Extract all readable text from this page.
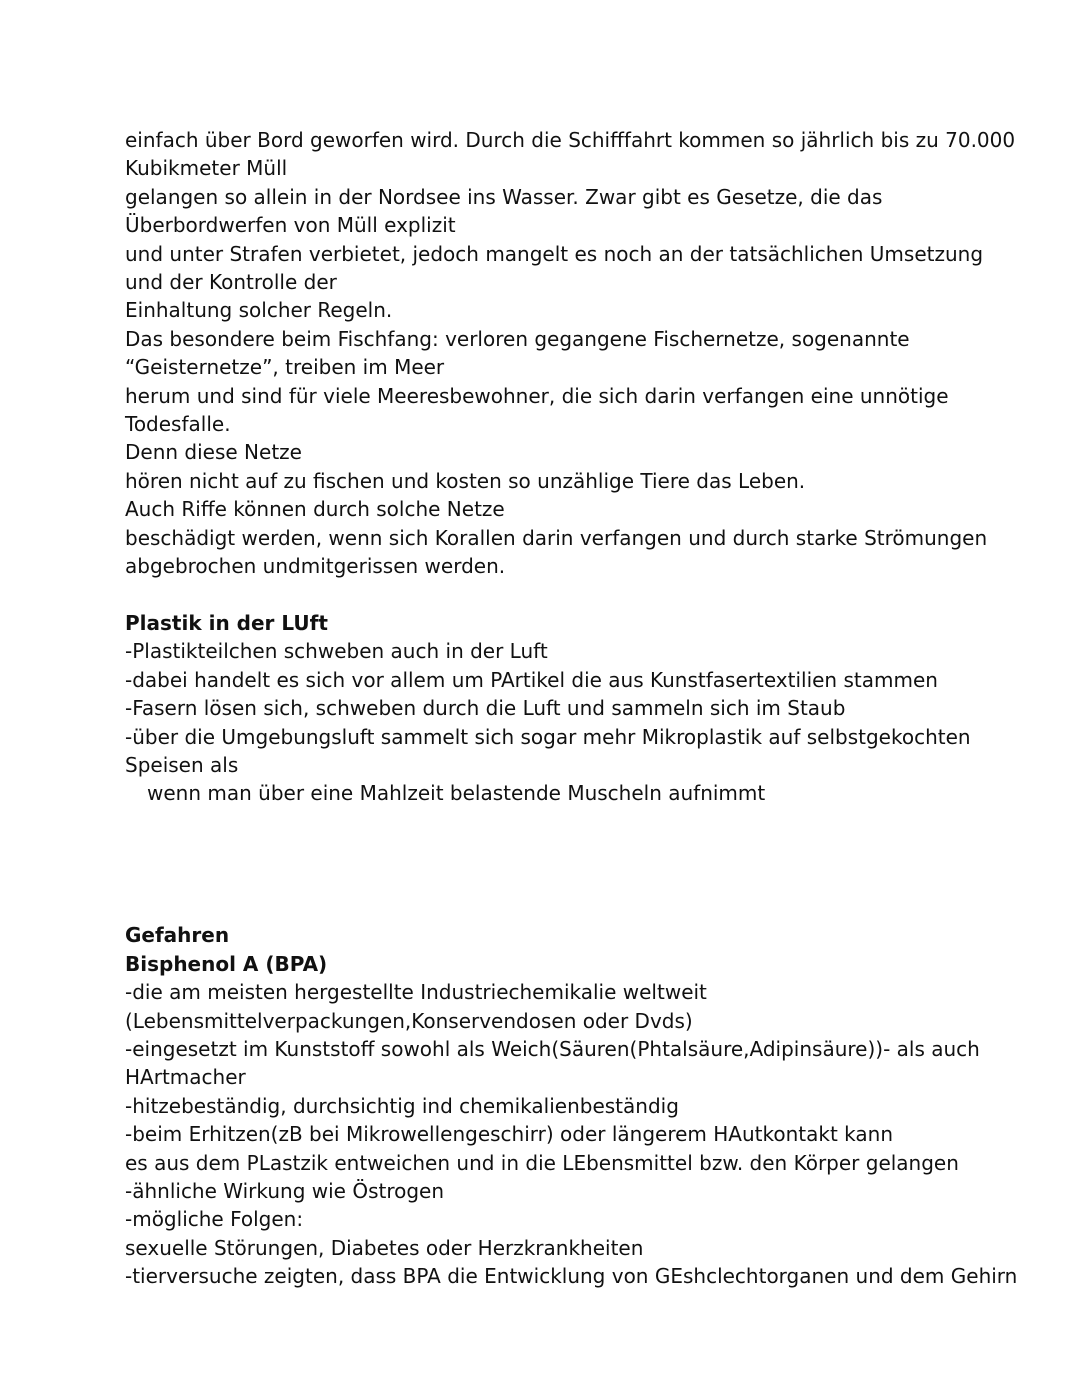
einfach über Bord geworfen wird. Durch die Schifffahrt kommen so jährlich bis zu 70.000
Kubikmeter Müll
gelangen so allein in der Nordsee ins Wasser. Zwar gibt es Gesetze, die das
Überbordwerfen von Müll explizit
und unter Strafen verbietet, jedoch mangelt es noch an der tatsächlichen Umsetzung
und der Kontrolle der
Einhaltung solcher Regeln.
Das besondere beim Fischfang: verloren gegangene Fischernetze, sogenannte
“Geisternetze”, treiben im Meer
herum und sind für viele Meeresbewohner, die sich darin verfangen eine unnötige
Todesfalle.
Denn diese Netze
hören nicht auf zu fischen und kosten so unzählige Tiere das Leben.
Auch Riffe können durch solche Netze
beschädigt werden, wenn sich Korallen darin verfangen und durch starke Strömungen
abgebrochen undmitgerissen werden.
Plastik in der LUft
-Plastikteilchen schweben auch in der Luft
-dabei handelt es sich vor allem um PArtikel die aus Kunstfasertextilien stammen
-Fasern lösen sich, schweben durch die Luft und sammeln sich im Staub
-über die Umgebungsluft sammelt sich sogar mehr Mikroplastik auf selbstgekochten
Speisen als
wenn man über eine Mahlzeit belastende Muscheln aufnimmt
Gefahren
Bisphenol A (BPA)
-die am meisten hergestellte Industriechemikalie weltweit
(Lebensmittelverpackungen,Konservendosen oder Dvds)
-eingesetzt im Kunststoff sowohl als Weich(Säuren(Phtalsäure,Adipinsäure))- als auch
HArtmacher
-hitzebeständig, durchsichtig ind chemikalienbeständig
-beim Erhitzen(zB bei Mikrowellengeschirr) oder längerem HAutkontakt kann
es aus dem PLastzik entweichen und in die LEbensmittel bzw. den Körper gelangen
-ähnliche Wirkung wie Östrogen
-mögliche Folgen:
sexuelle Störungen, Diabetes oder Herzkrankheiten
-tierversuche zeigten, dass BPA die Entwicklung von GEshclechtorganen und dem Gehirn
